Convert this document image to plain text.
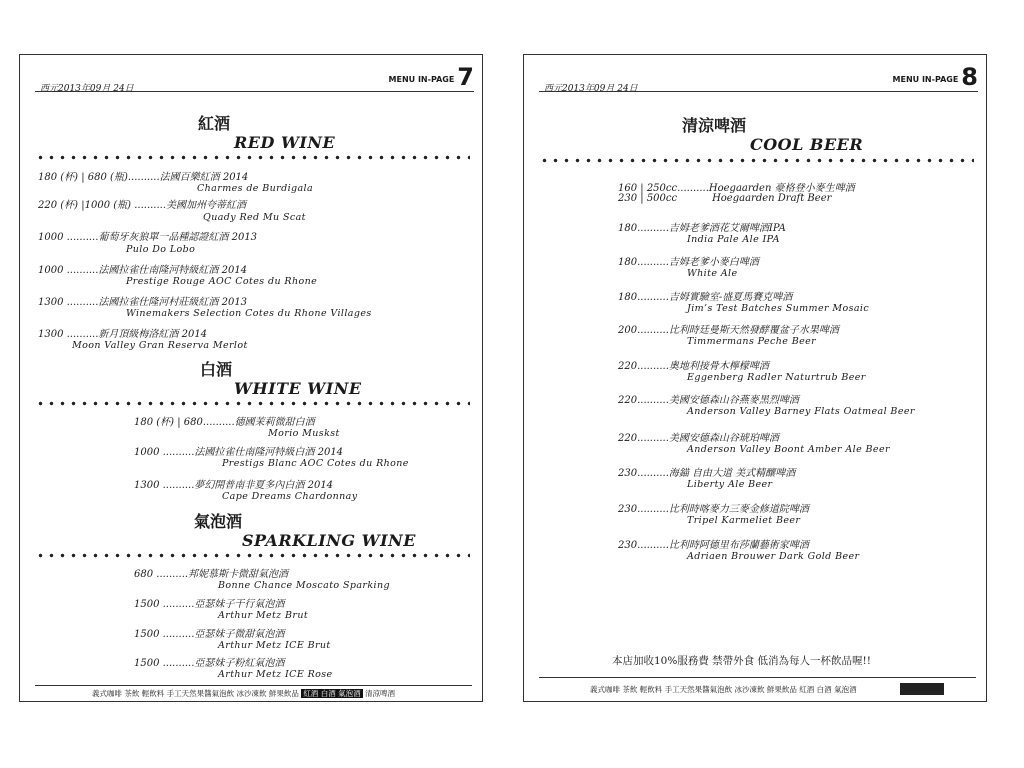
西元2013年09月 24日
MENU IN-PAGE 7
紅酒
RED WINE
180 (杯) | 680 (瓶)..........法國百樂紅酒 2014
Charmes de Burdigala
220 (杯) |1000 (瓶) ..........美國加州夸蒂紅酒
Quady Red Mu Scat
1000 ..........葡萄牙灰狼單一品種認證紅酒 2013
Pulo Do Lobo
1000 ..........法國拉雀仕南隆河特級紅酒 2014
Prestige Rouge AOC Cotes du Rhone
1300 ..........法國拉雀仕隆河村莊級紅酒 2013
Winemakers Selection Cotes du Rhone Villages
1300 ..........新月頂級梅洛紅酒 2014
Moon Valley Gran Reserva Merlot
白酒
WHITE WINE
180 (杯) | 680..........德國茉莉微甜白酒
Morio Muskst
1000 ..........法國拉雀仕南隆河特級白酒 2014
Prestigs Blanc AOC Cotes du Rhone
1300 ..........夢幻開普南非夏多內白酒 2014
Cape Dreams Chardonnay
氣泡酒
SPARKLING WINE
680 ..........邦妮慕斯卡微甜氣泡酒
Bonne Chance Moscato Sparking
1500 ..........亞瑟妹子干行氣泡酒
Arthur Metz Brut
1500 ..........亞瑟妹子微甜氣泡酒
Arthur Metz ICE Brut
1500 ..........亞瑟妹子粉紅氣泡酒
Arthur Metz ICE Rose
義式咖啡 茶飲 輕飲料 手工天然果醬氣泡飲 冰沙凍飲 鮮果飲品 紅酒 白酒 氣泡酒 清涼啤酒
西元2013年09月 24日
MENU IN-PAGE 8
清涼啤酒
COOL BEER
160 | 250cc..........Hoegaarden 豪格登小麥生啤酒
230 | 500cc           Hoegaarden Draft Beer
180..........吉姆老爹酒花艾爾啤酒IPA
India Pale Ale IPA
180..........吉姆老爹小麥白啤酒
White Ale
180..........吉姆實驗室-盛夏馬賽克啤酒
Jim’s Test Batches Summer Mosaic
200..........比利時廷曼斯天然發酵覆盆子水果啤酒
Timmermans Peche Beer
220..........奧地利接骨木檸檬啤酒
Eggenberg Radler Naturtrub Beer
220..........美國安德森山谷燕麥黑烈啤酒
Anderson Valley Barney Flats Oatmeal Beer
220..........美國安德森山谷琥珀啤酒
Anderson Valley Boont Amber Ale Beer
230..........海錨 自由大道 美式精釀啤酒
Liberty Ale Beer
230..........比利時喀麥力三麥金修道院啤酒
Tripel Karmeliet Beer
230..........比利時阿德里布莎蘭藝術家啤酒
Adriaen Brouwer Dark Gold Beer
本店加收10%服務費 禁帶外食 低消為每人一杯飲品喔!!
義式咖啡 茶飲 輕飲料 手工天然果醬氣泡飲 冰沙凍飲 鮮果飲品 紅酒 白酒 氣泡酒
